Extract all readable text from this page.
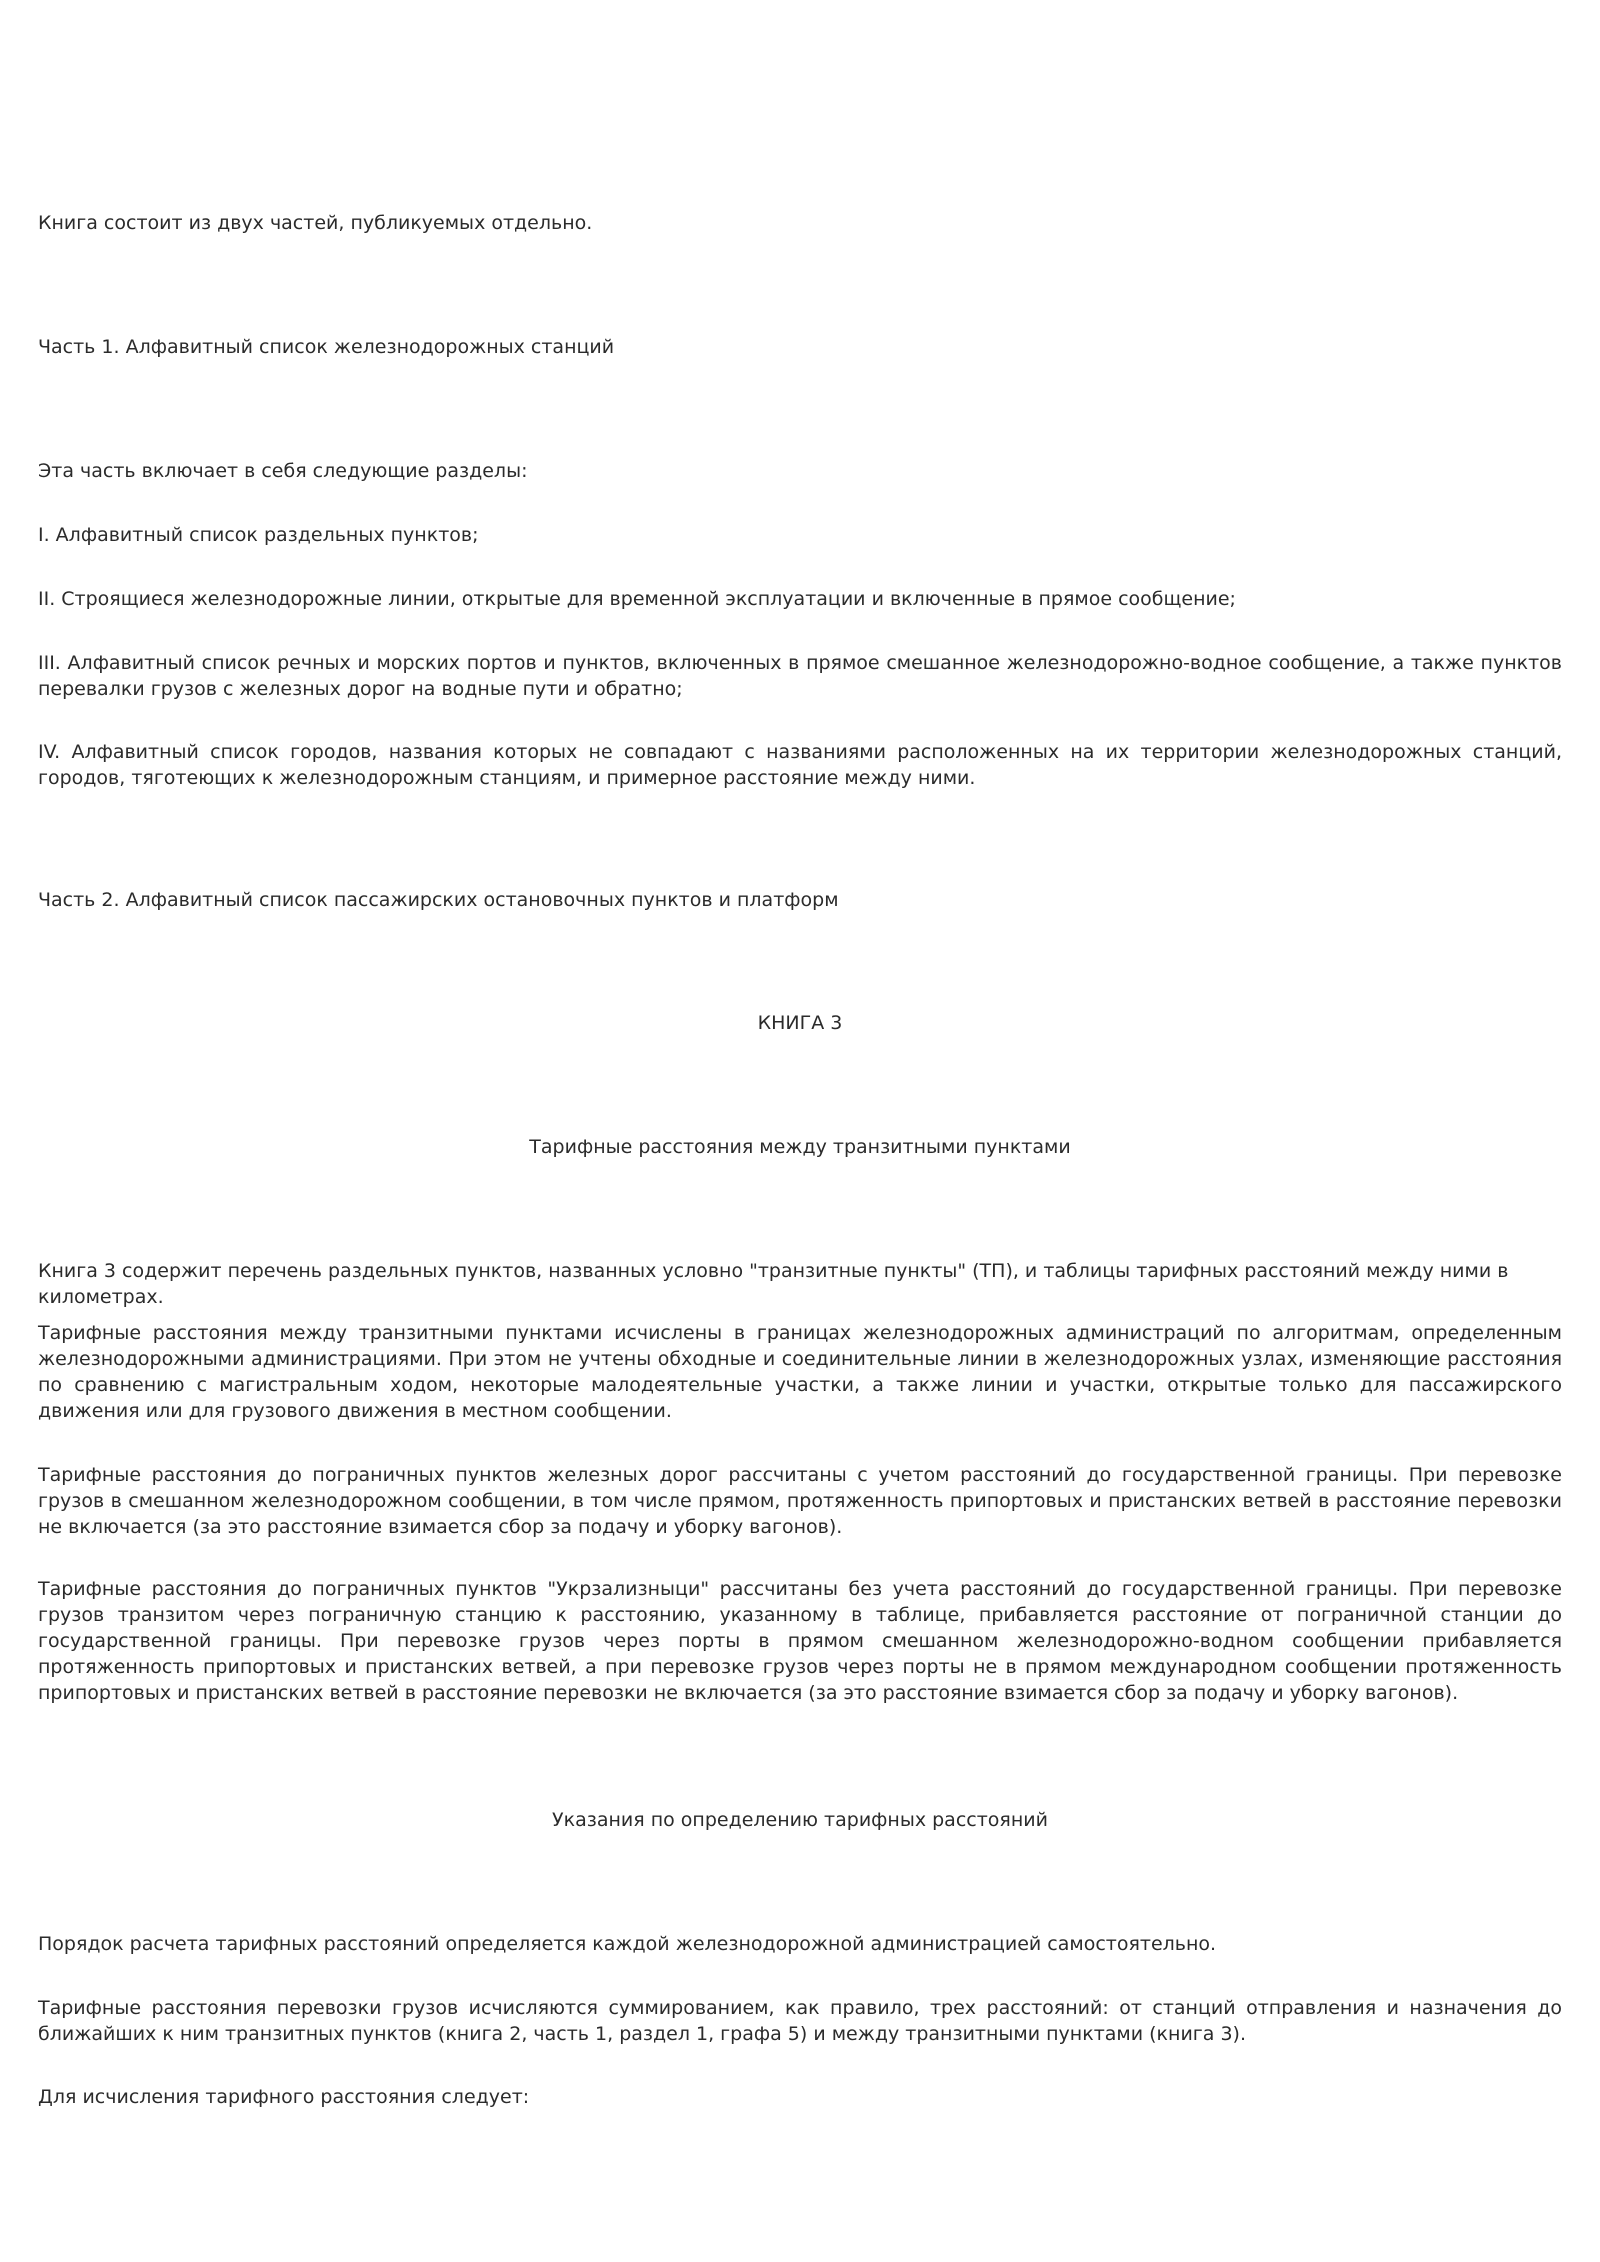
Книга состоит из двух частей, публикуемых отдельно.

Часть 1. Алфавитный список железнодорожных станций

Эта часть включает в себя следующие разделы:

I. Алфавитный список раздельных пунктов;

II. Строящиеся железнодорожные линии, открытые для временной эксплуатации и включенные в прямое сообщение;

III. Алфавитный список речных и морских портов и пунктов, включенных в прямое смешанное железнодорожно-водное сообщение, а также пунктов перевалки грузов с железных дорог на водные пути и обратно;

IV. Алфавитный список городов, названия которых не совпадают с названиями расположенных на их территории железнодорожных станций, городов, тяготеющих к железнодорожным станциям, и примерное расстояние между ними.

Часть 2. Алфавитный список пассажирских остановочных пунктов и платформ

КНИГА 3

Тарифные расстояния между транзитными пунктами

Книга 3 содержит перечень раздельных пунктов, названных условно "транзитные пункты" (ТП), и таблицы тарифных расстояний между ними в километрах.

Тарифные расстояния между транзитными пунктами исчислены в границах железнодорожных администраций по алгоритмам, определенным железнодорожными администрациями. При этом не учтены обходные и соединительные линии в железнодорожных узлах, изменяющие расстояния по сравнению с магистральным ходом, некоторые малодеятельные участки, а также линии и участки, открытые только для пассажирского движения или для грузового движения в местном сообщении.

Тарифные расстояния до пограничных пунктов железных дорог рассчитаны с учетом расстояний до государственной границы. При перевозке грузов в смешанном железнодорожном сообщении, в том числе прямом, протяженность припортовых и пристанских ветвей в расстояние перевозки не включается (за это расстояние взимается сбор за подачу и уборку вагонов).

Тарифные расстояния до пограничных пунктов "Укрзализныци" рассчитаны без учета расстояний до государственной границы. При перевозке грузов транзитом через пограничную станцию к расстоянию, указанному в таблице, прибавляется расстояние от пограничной станции до государственной границы. При перевозке грузов через порты в прямом смешанном железнодорожно-водном сообщении прибавляется протяженность припортовых и пристанских ветвей, а при перевозке грузов через порты не в прямом международном сообщении протяженность припортовых и пристанских ветвей в расстояние перевозки не включается (за это расстояние взимается сбор за подачу и уборку вагонов).

Указания по определению тарифных расстояний

Порядок расчета тарифных расстояний определяется каждой железнодорожной администрацией самостоятельно.

Тарифные расстояния перевозки грузов исчисляются суммированием, как правило, трех расстояний: от станций отправления и назначения до ближайших к ним транзитных пунктов (книга 2, часть 1, раздел 1, графа 5) и между транзитными пунктами (книга 3).

Для исчисления тарифного расстояния следует:
